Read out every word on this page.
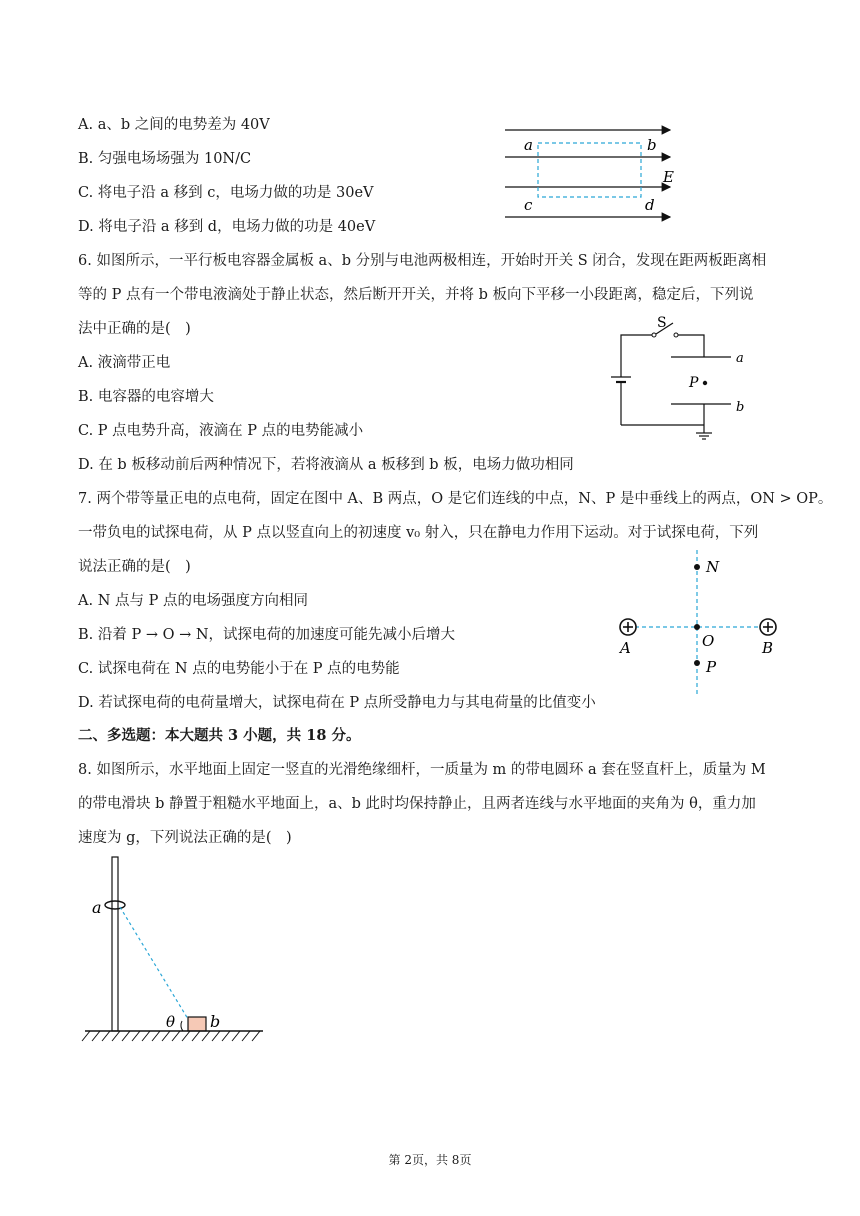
A. a、b 之间的电势差为 40V
B. 匀强电场场强为 10N/C
C. 将电子沿 a 移到 c，电场力做的功是 30eV
D. 将电子沿 a 移到 d，电场力做的功是 40eV
6. 如图所示，一平行板电容器金属板 a、b 分别与电池两极相连，开始时开关 S 闭合，发现在距两板距离相
等的 P 点有一个带电液滴处于静止状态，然后断开开关，并将 b 板向下平移一小段距离，稳定后，下列说
法中正确的是(　)
A. 液滴带正电
B. 电容器的电容增大
C. P 点电势升高，液滴在 P 点的电势能减小
D. 在 b 板移动前后两种情况下，若将液滴从 a 板移到 b 板，电场力做功相同
7. 两个带等量正电的点电荷，固定在图中 A、B 两点，O 是它们连线的中点，N、P 是中垂线上的两点，ON > OP。
一带负电的试探电荷，从 P 点以竖直向上的初速度 v₀ 射入，只在静电力作用下运动。对于试探电荷，下列
说法正确的是(　)
A. N 点与 P 点的电场强度方向相同
B. 沿着 P → O → N，试探电荷的加速度可能先减小后增大
C. 试探电荷在 N 点的电势能小于在 P 点的电势能
D. 若试探电荷的电荷量增大，试探电荷在 P 点所受静电力与其电荷量的比值变小
二、多选题：本大题共 3 小题，共 18 分。
8. 如图所示，水平地面上固定一竖直的光滑绝缘细杆，一质量为 m 的带电圆环 a 套在竖直杆上，质量为 M
的带电滑块 b 静置于粗糙水平地面上，a、b 此时均保持静止，且两者连线与水平地面的夹角为 θ，重力加
速度为 g，下列说法正确的是(　)
a	b
E
c	d
S
a
P
b
N
O
P
A	B
a
θ b
第 2页，共 8页
